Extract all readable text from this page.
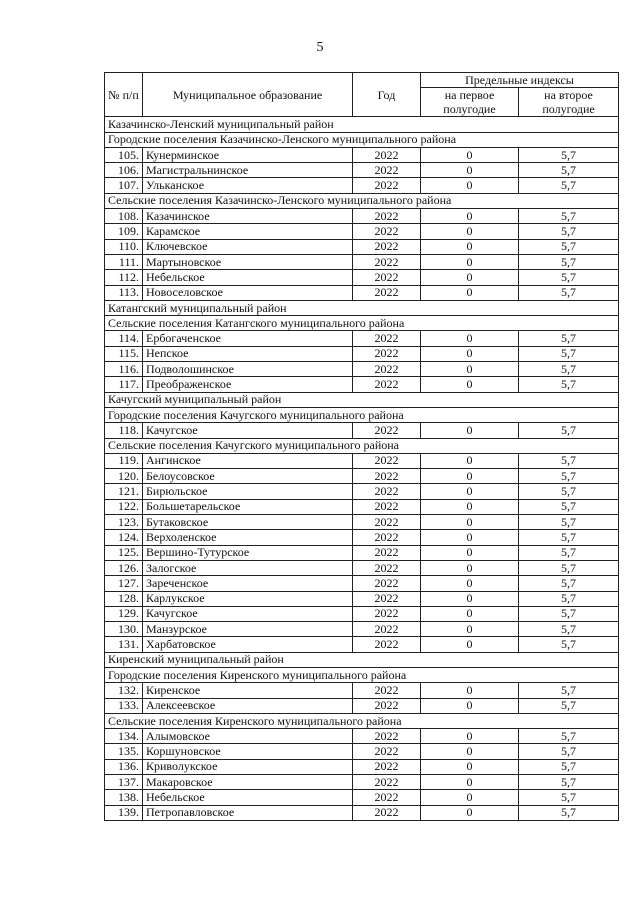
5
№ п/п	Муниципальное образование	Год	Предельные индексы	
			на первое полугодие	на второе полугодие
Казачинско-Ленский муниципальный район				
Городские поселения Казачинско-Ленского муниципального района				
105.	Кунерминское	2022	0	5,7
106.	Магистральнинское	2022	0	5,7
107.	Ульканское	2022	0	5,7
Сельские поселения Казачинско-Ленского муниципального района				
108.	Казачинское	2022	0	5,7
109.	Карамское	2022	0	5,7
110.	Ключевское	2022	0	5,7
111.	Мартыновское	2022	0	5,7
112.	Небельское	2022	0	5,7
113.	Новоселовское	2022	0	5,7
Катангский муниципальный район				
Сельские поселения Катангского муниципального района				
114.	Ербогаченское	2022	0	5,7
115.	Непское	2022	0	5,7
116.	Подволошинское	2022	0	5,7
117.	Преображенское	2022	0	5,7
Качугский муниципальный район				
Городские поселения Качугского муниципального района				
118.	Качугское	2022	0	5,7
Сельские поселения Качугского муниципального района				
119.	Ангинское	2022	0	5,7
120.	Белоусовское	2022	0	5,7
121.	Бирюльское	2022	0	5,7
122.	Большетарельское	2022	0	5,7
123.	Бутаковское	2022	0	5,7
124.	Верхоленское	2022	0	5,7
125.	Вершино-Тутурское	2022	0	5,7
126.	Залогское	2022	0	5,7
127.	Зареченское	2022	0	5,7
128.	Карлукское	2022	0	5,7
129.	Качугское	2022	0	5,7
130.	Манзурское	2022	0	5,7
131.	Харбатовское	2022	0	5,7
Киренский муниципальный район				
Городские поселения Киренского муниципального района				
132.	Киренское	2022	0	5,7
133.	Алексеевское	2022	0	5,7
Сельские поселения Киренского муниципального района				
134.	Алымовское	2022	0	5,7
135.	Коршуновское	2022	0	5,7
136.	Криволукское	2022	0	5,7
137.	Макаровское	2022	0	5,7
138.	Небельское	2022	0	5,7
139.	Петропавловское	2022	0	5,7
